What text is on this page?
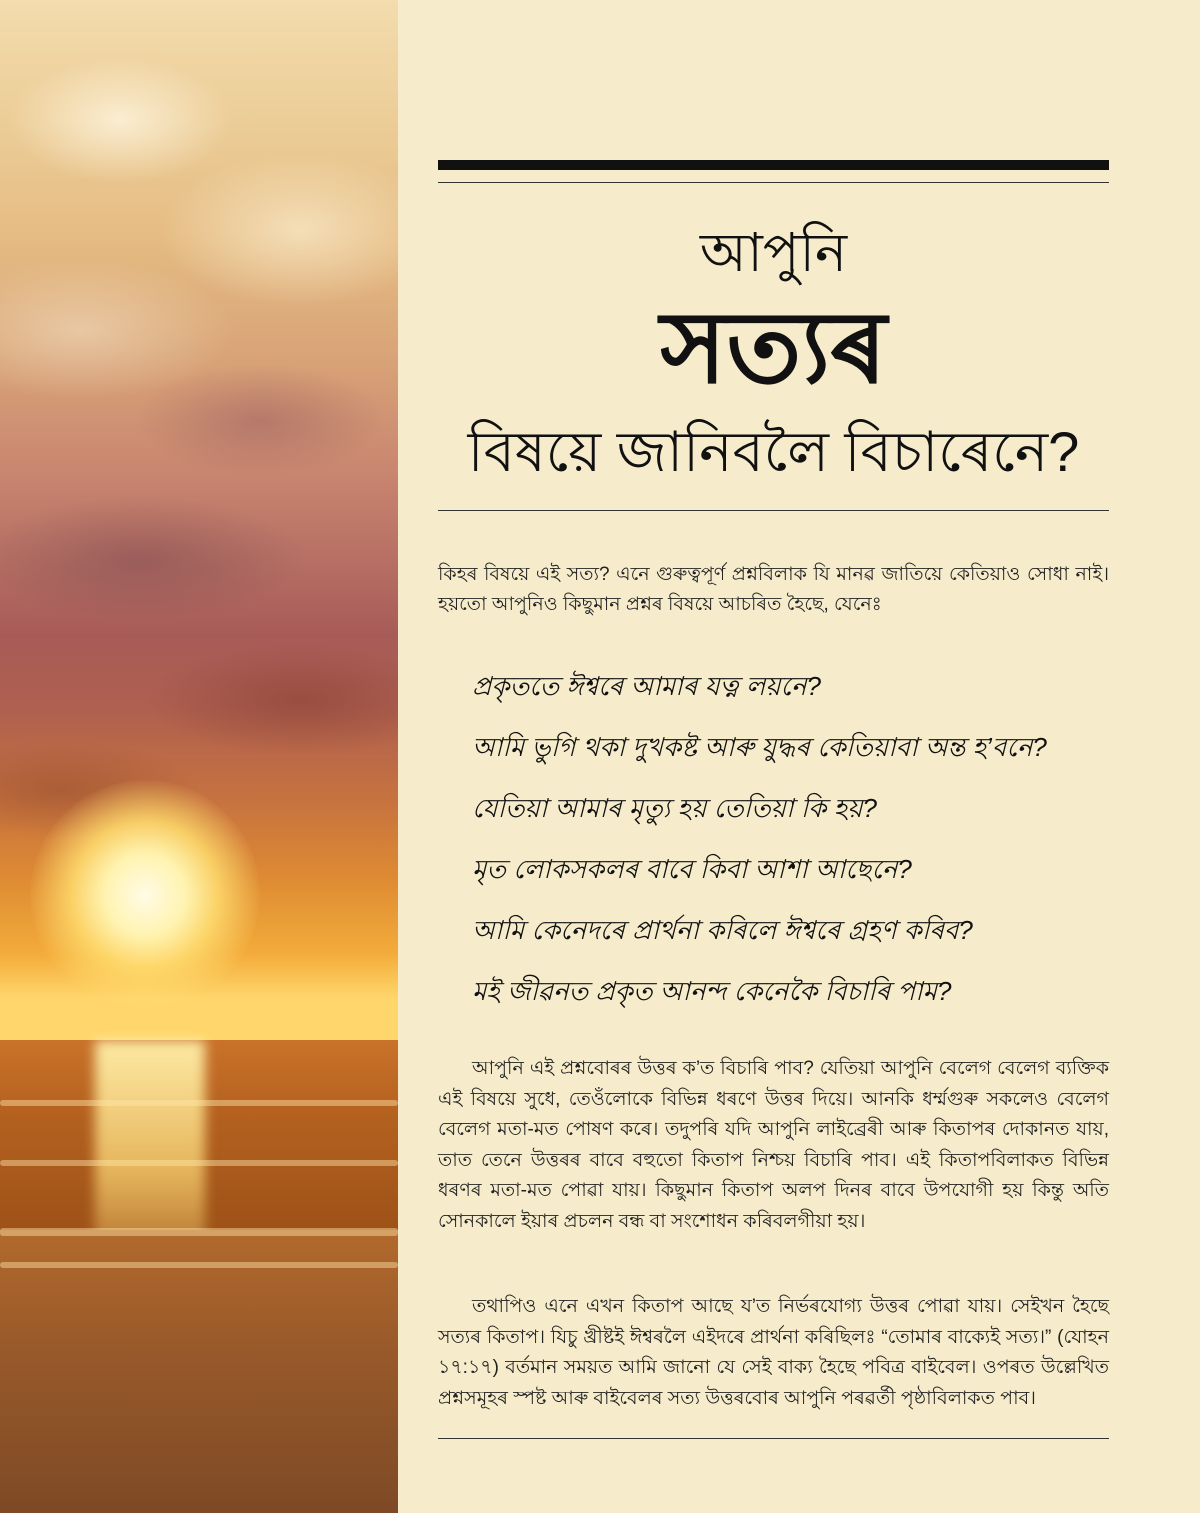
আপুনি
সত্যৰ
বিষয়ে জানিবলৈ বিচাৰেনে?

কিহৰ বিষয়ে এই সত্য? এনে গুৰুত্বপূৰ্ণ প্ৰশ্নবিলাক যি মানৱ জাতিয়ে কেতিয়াও সোধা নাই। হয়তো আপুনিও কিছুমান প্ৰশ্নৰ বিষয়ে আচৰিত হৈছে, যেনেঃ

প্ৰকৃততে ঈশ্বৰে আমাৰ যত্ন লয়নে?
আমি ভুগি থকা দুখকষ্ট আৰু যুদ্ধৰ কেতিয়াবা অন্ত হ’বনে?
যেতিয়া আমাৰ মৃত্যু হয় তেতিয়া কি হয়?
মৃত লোকসকলৰ বাবে কিবা আশা আছেনে?
আমি কেনেদৰে প্ৰাৰ্থনা কৰিলে ঈশ্বৰে গ্ৰহণ কৰিব?
মই জীৱনত প্ৰকৃত আনন্দ কেনেকৈ বিচাৰি পাম?

আপুনি এই প্ৰশ্নবোৰৰ উত্তৰ ক’ত বিচাৰি পাব? যেতিয়া আপুনি বেলেগ বেলেগ ব্যক্তিক এই বিষয়ে সুধে, তেওঁলোকে বিভিন্ন ধৰণে উত্তৰ দিয়ে। আনকি ধৰ্ম্মগুৰু সকলেও বেলেগ বেলেগ মতা-মত পোষণ কৰে। তদুপৰি যদি আপুনি লাইব্ৰেৰী আৰু কিতাপৰ দোকানত যায়, তাত তেনে উত্তৰৰ বাবে বহুতো কিতাপ নিশ্চয় বিচাৰি পাব। এই কিতাপবিলাকত বিভিন্ন ধৰণৰ মতা-মত পোৱা যায়। কিছুমান কিতাপ অলপ দিনৰ বাবে উপযোগী হয় কিন্তু অতি সোনকালে ইয়াৰ প্ৰচলন বন্ধ বা সংশোধন কৰিবলগীয়া হয়।

তথাপিও এনে এখন কিতাপ আছে য’ত নিৰ্ভৰযোগ্য উত্তৰ পোৱা যায়। সেইখন হৈছে সত্যৰ কিতাপ। যিচু খ্ৰীষ্টই ঈশ্বৰলৈ এইদৰে প্ৰাৰ্থনা কৰিছিলঃ “তোমাৰ বাক্যেই সত্য।” (যোহন ১৭:১৭) বৰ্তমান সময়ত আমি জানো যে সেই বাক্য হৈছে পবিত্ৰ বাইবেল। ওপৰত উল্লেখিত প্ৰশ্নসমূহৰ স্পষ্ট আৰু বাইবেলৰ সত্য উত্তৰবোৰ আপুনি পৰৱৰ্তী পৃষ্ঠাবিলাকত পাব।
